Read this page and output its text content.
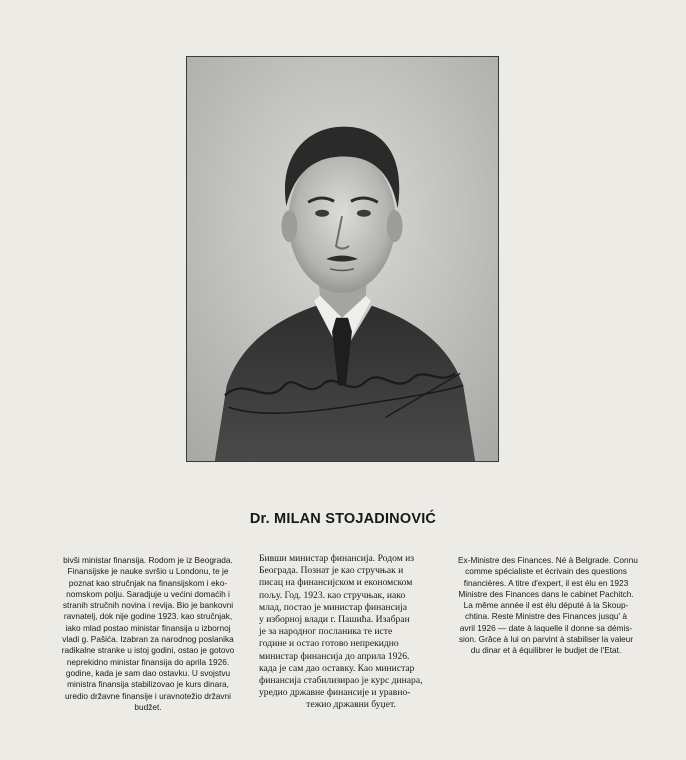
Dr. MILAN STOJADINOVIĆ
bivši ministar finansija. Rodom je iz Beograda.
Finansijske je nauke svršio u Londonu, te je
poznat kao stručnjak na finansijskom i eko-
nomskom polju. Saradjuje u većini domaćih i
stranih stručnih novina i revija. Bio je bankovni
ravnatelj, dok nije godine 1923. kao stručnjak,
iako mlad postao ministar finansija u izbornoj
vladi g. Pašića. Izabran za narodnog poslanika
radikalne stranke u istoj godini, ostao je gotovo
neprekidno ministar finansija do aprila 1926.
godine, kada je sam dao ostavku. U svojstvu
ministra finansija stabilizovao je kurs dinara,
uredio državne finansije i uravnotežio državni
budžet.
Бивши министар финансија. Родом из
Београда. Познат је као стручњак и
писац на финансијском и економском
пољу. Год. 1923. као стручњак, иако
млад, постао је министар финансија
у изборној влади г. Пашића. Изабран
је за народног посланика те исте
године и остао готово непрекидно
министар финансија до априла 1926.
када је сам дао оставку. Као министар
финансија стабилизирао је курс динара,
уредио државне финансије и уравно-
тежио државни буџет.
Ex-Ministre des Finances. Né à Belgrade. Connu
comme spécialiste et écrivain des questions
financières. A titre d'expert, il est élu en 1923
Ministre des Finances dans le cabinet Pachitch.
La même année il est élu député à la Skoup-
chtina. Reste Ministre des Finances jusqu' à
avril 1926 — date à laquelle il donne sa démis-
sion. Grâce à lui on parvint à stabiliser la valeur
du dinar et à équilibrer le budjet de l'Etat.
